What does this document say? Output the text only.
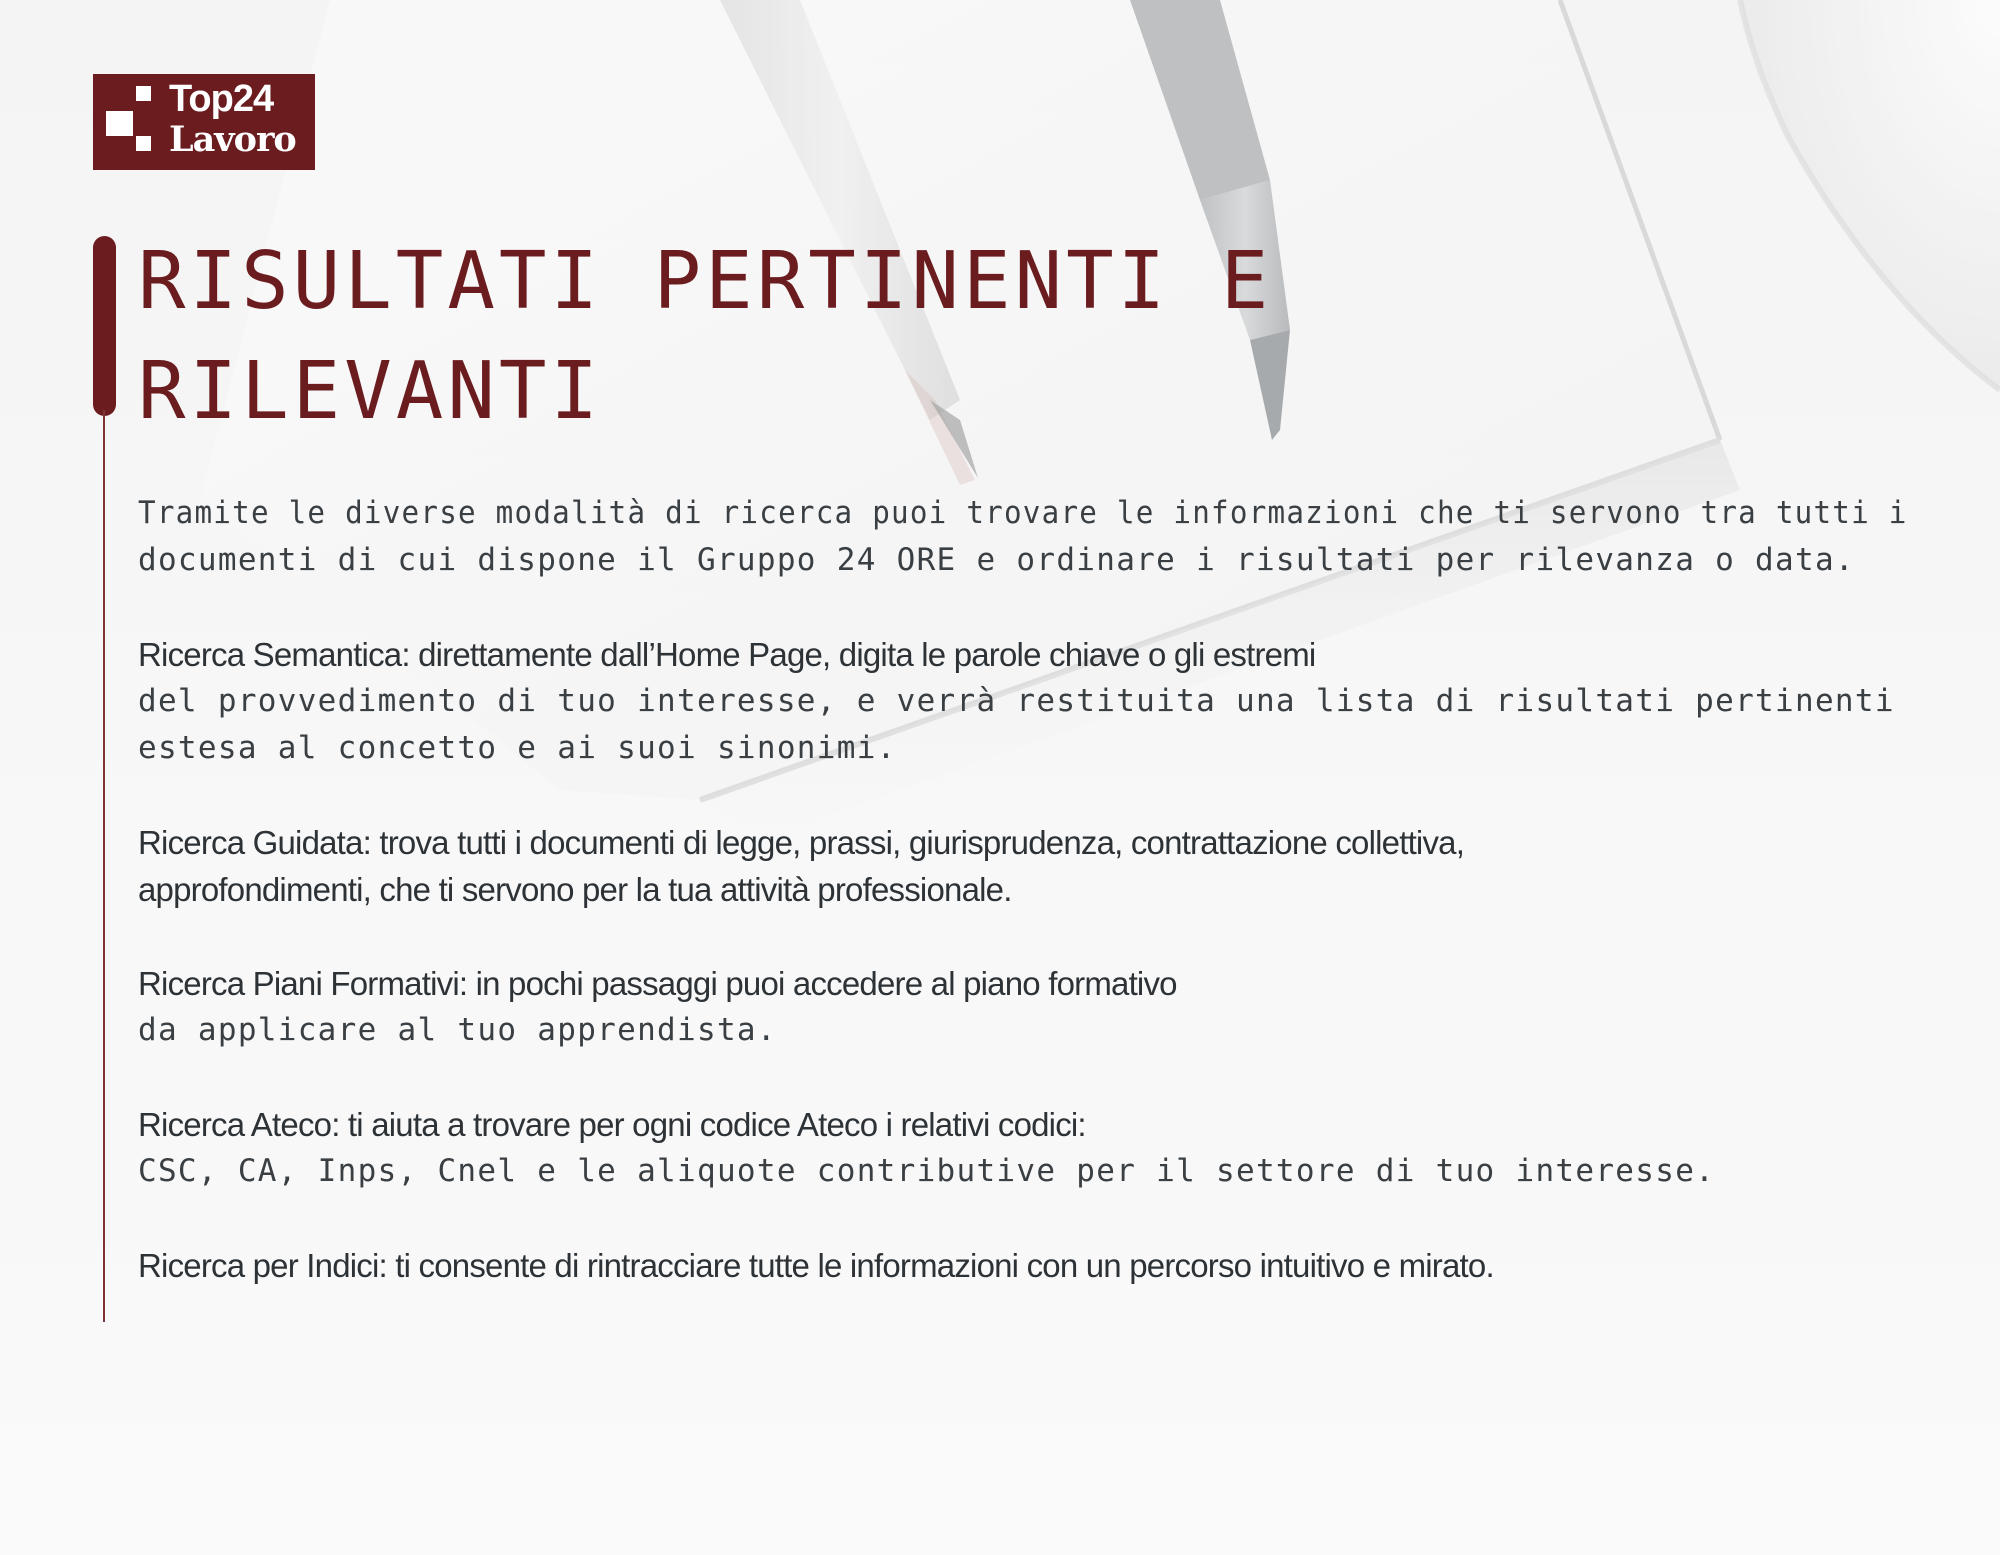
Top24
Lavoro
RISULTATI PERTINENTI E RILEVANTI

Tramite le diverse modalità di ricerca puoi trovare le informazioni che ti servono tra tutti i
documenti di cui dispone il Gruppo 24 ORE e ordinare i risultati per rilevanza o data.

Ricerca Semantica: direttamente dall’Home Page, digita le parole chiave o gli estremi
del provvedimento di tuo interesse, e verrà restituita una lista di risultati pertinenti
estesa al concetto e ai suoi sinonimi.

Ricerca Guidata: trova tutti i documenti di legge, prassi, giurisprudenza, contrattazione collettiva,
approfondimenti, che ti servono per la tua attività professionale.

Ricerca Piani Formativi: in pochi passaggi puoi accedere al piano formativo
da applicare al tuo apprendista.

Ricerca Ateco: ti aiuta a trovare per ogni codice Ateco i relativi codici:
CSC, CA, Inps, Cnel e le aliquote contributive per il settore di tuo interesse.

Ricerca per Indici: ti consente di rintracciare tutte le informazioni con un percorso intuitivo e mirato.
